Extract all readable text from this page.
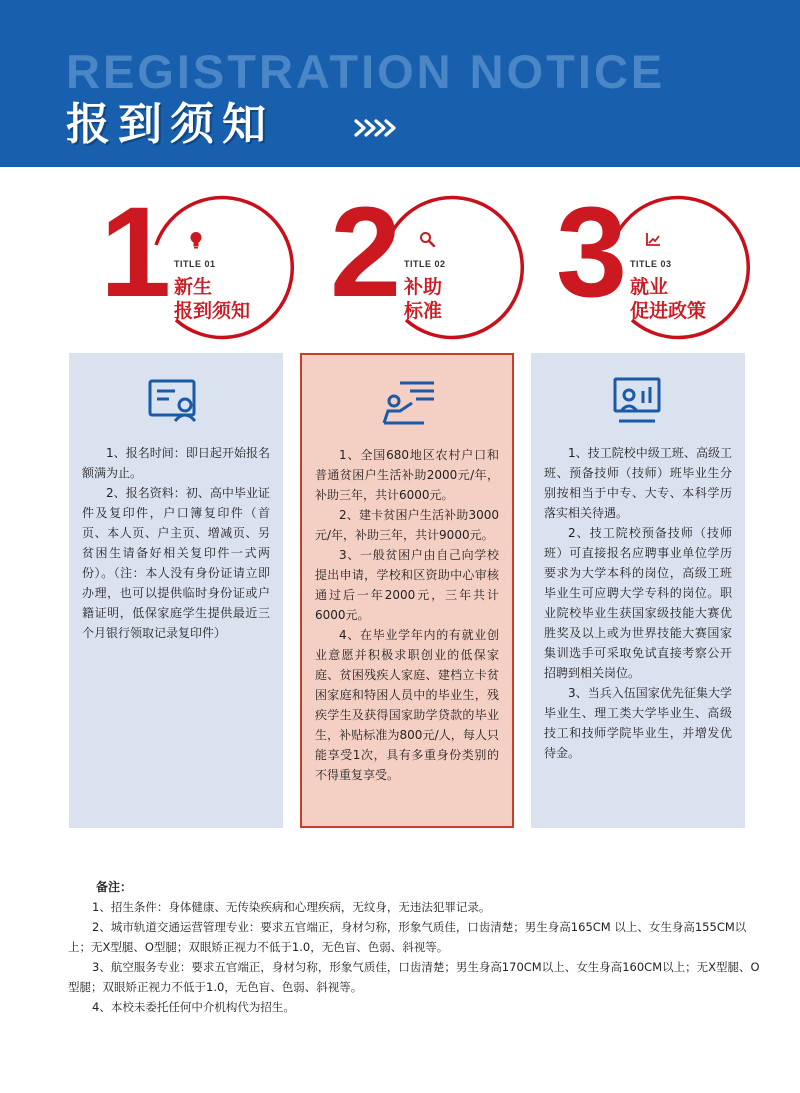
REGISTRATION NOTICE
报到须知
1 TITLE 01
新生
报到须知 2 TITLE 02
补助
标准 3 TITLE 03
就业
促进政策

1、报名时间：即日起开始报名额满为止。

2、报名资料：初、高中毕业证件及复印件，户口簿复印件（首页、本人页、户主页、增减页、另贫困生请备好相关复印件一式两份）。（注：本人没有身份证请立即办理，也可以提供临时身份证或户籍证明，低保家庭学生提供最近三个月银行领取记录复印件）

1、全国680地区农村户口和普通贫困户生活补助2000元/年，补助三年，共计6000元。

2、建卡贫困户生活补助3000元/年，补助三年，共计9000元。

3、一般贫困户由自己向学校提出申请，学校和区资助中心审核通过后一年2000元，三年共计6000元。

4、在毕业学年内的有就业创业意愿并积极求职创业的低保家庭、贫困残疾人家庭、建档立卡贫困家庭和特困人员中的毕业生，残疾学生及获得国家助学贷款的毕业生，补贴标准为800元/人，每人只能享受1次，具有多重身份类别的不得重复享受。

1、技工院校中级工班、高级工班、预备技师（技师）班毕业生分别按相当于中专、大专、本科学历落实相关待遇。

2、技工院校预备技师（技师班）可直接报名应聘事业单位学历要求为大学本科的岗位，高级工班毕业生可应聘大学专科的岗位。职业院校毕业生获国家级技能大赛优胜奖及以上或为世界技能大赛国家集训选手可采取免试直接考察公开招聘到相关岗位。

3、当兵入伍国家优先征集大学毕业生、理工类大学毕业生、高级技工和技师学院毕业生，并增发优待金。

备注：

1、招生条件：身体健康、无传染疾病和心理疾病，无纹身，无违法犯罪记录。

2、城市轨道交通运营管理专业：要求五官端正，身材匀称，形象气质佳，口齿清楚；男生身高165CM 以上、女生身高155CM以上；无X型腿、O型腿；双眼矫正视力不低于1.0，无色盲、色弱、斜视等。

3、航空服务专业：要求五官端正，身材匀称，形象气质佳，口齿清楚；男生身高170CM以上、女生身高160CM以上；无X型腿、O型腿；双眼矫正视力不低于1.0，无色盲、色弱、斜视等。

4、本校未委托任何中介机构代为招生。
